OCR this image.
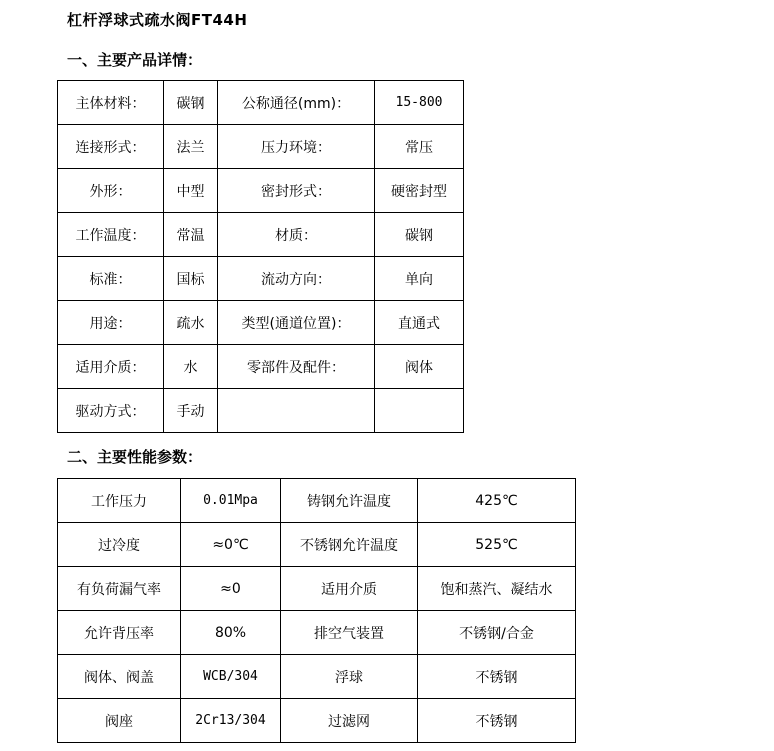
杠杆浮球式疏水阀FT44H
一、主要产品详情：
主体材料：	碳钢	公称通径(mm)：	15-800
连接形式：	法兰	压力环境：	常压
外形：	中型	密封形式：	硬密封型
工作温度：	常温	材质：	碳钢
标准：	国标	流动方向：	单向
用途：	疏水	类型(通道位置)：	直通式
适用介质：	水	零部件及配件：	阀体
驱动方式：	手动		
二、主要性能参数：
工作压力	0.01Mpa	铸钢允许温度	425℃
过冷度	≈0℃	不锈钢允许温度	525℃
有负荷漏气率	≈0	适用介质	饱和蒸汽、凝结水
允许背压率	80%	排空气装置	不锈钢/合金
阀体、阀盖	WCB/304	浮球	不锈钢
阀座	2Cr13/304	过滤网	不锈钢
